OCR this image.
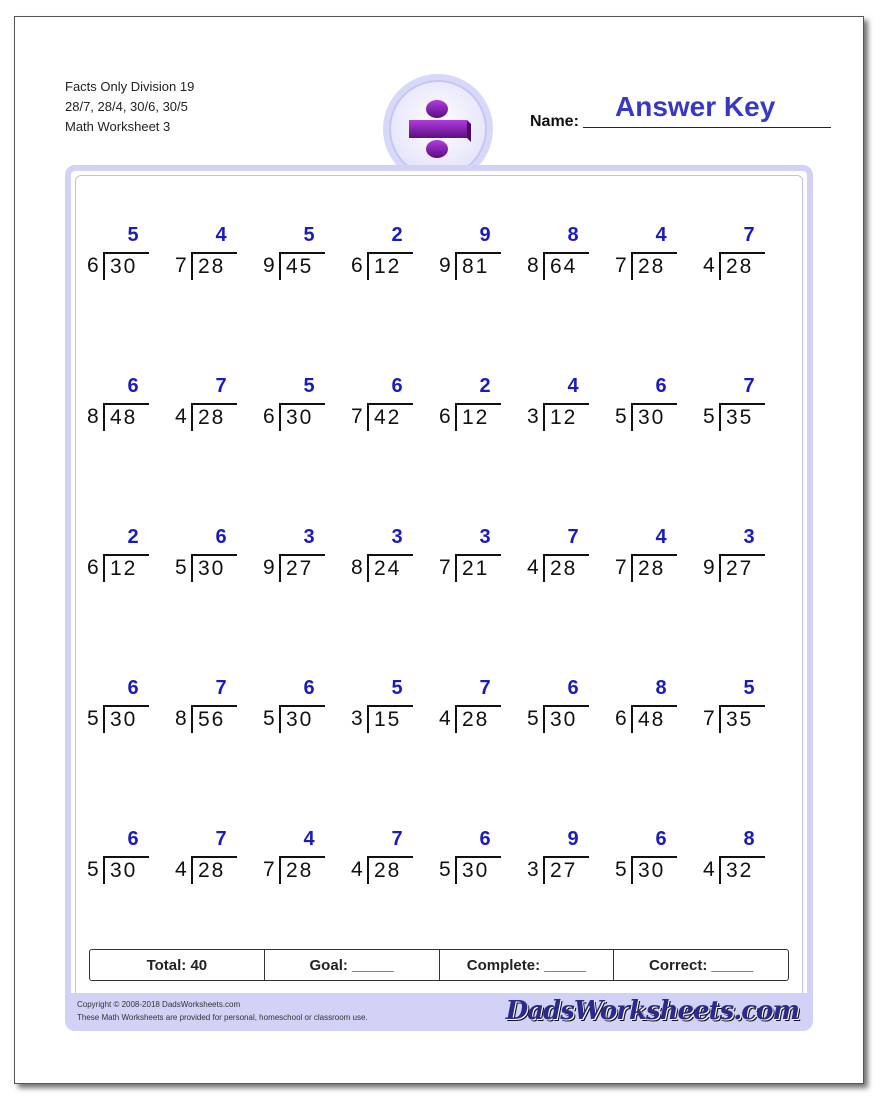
Facts Only Division 19
28/7, 28/4, 30/6, 30/5
Math Worksheet 3	Name: Answer Key
5
6 30
4
7 28
5
9 45
2
6 12
9
9 81
8
8 64
4
7 28
7
4 28
6
8 48
7
4 28
5
6 30
6
7 42
2
6 12
4
3 12
6
5 30
7
5 35
2
6 12
6
5 30
3
9 27
3
8 24
3
7 21
7
4 28
4
7 28
3
9 27
6
5 30
7
8 56
6
5 30
5
3 15
7
4 28
6
5 30
8
6 48
5
7 35
6
5 30
7
4 28
4
7 28
7
4 28
6
5 30
9
3 27
6
5 30
8
4 32
Total: 40	Goal: _____	Complete: _____	Correct: _____
Copyright © 2008-2018 DadsWorksheets.com
These Math Worksheets are provided for personal, homeschool or classroom use.	DadsWorksheets.com
